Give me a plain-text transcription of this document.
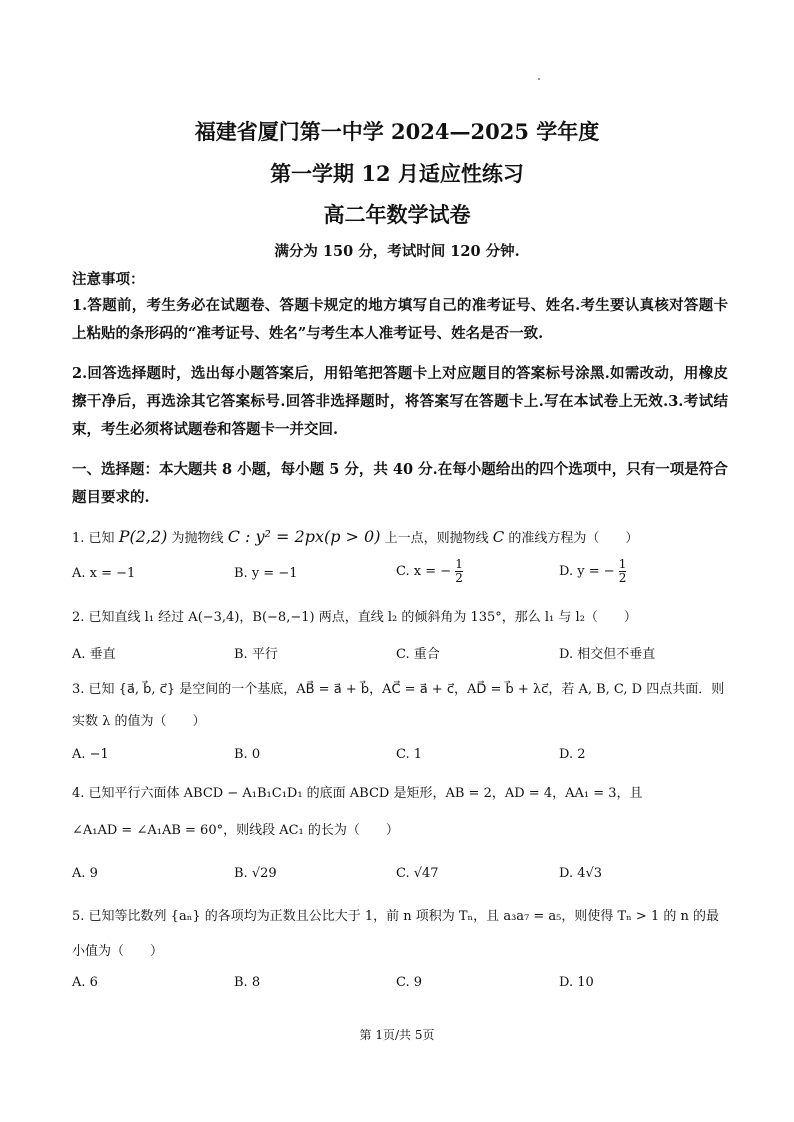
福建省厦门第一中学 2024—2025 学年度
第一学期 12 月适应性练习
高二年数学试卷
满分为 150 分，考试时间 120 分钟.
注意事项：
1.答题前，考生务必在试题卷、答题卡规定的地方填写自己的准考证号、姓名.考生要认真核对答题卡上粘贴的条形码的“准考证号、姓名”与考生本人准考证号、姓名是否一致.
2.回答选择题时，选出每小题答案后，用铅笔把答题卡上对应题目的答案标号涂黑.如需改动，用橡皮擦干净后，再选涂其它答案标号.回答非选择题时，将答案写在答题卡上.写在本试卷上无效.3.考试结束，考生必须将试题卷和答题卡一并交回.
一、选择题：本大题共 8 小题，每小题 5 分，共 40 分.在每小题给出的四个选项中，只有一项是符合题目要求的.
1. 已知 P(2,2) 为抛物线 C : y² = 2px(p > 0) 上一点，则抛物线 C 的准线方程为（　　）
A. x = −1	B. y = −1	C. x = − $\frac{1}{2}$	D. y = − $\frac{1}{2}$
2. 已知直线 l₁ 经过 A(−3,4)，B(−8,−1) 两点，直线 l₂ 的倾斜角为 135°，那么 l₁ 与 l₂（　　）
A. 垂直	B. 平行	C. 重合	D. 相交但不垂直
3. 已知 {a⃗, b⃗, c⃗} 是空间的一个基底，AB⃗ = a⃗ + b⃗，AC⃗ = a⃗ + c⃗，AD⃗ = b⃗ + λc⃗，若 A, B, C, D 四点共面．则
实数 λ 的值为（　　）
A. −1	B. 0	C. 1	D. 2
4. 已知平行六面体 ABCD − A₁B₁C₁D₁ 的底面 ABCD 是矩形，AB = 2，AD = 4，AA₁ = 3，且
∠A₁AD = ∠A₁AB = 60°，则线段 AC₁ 的长为（　　）
A. 9	B. √29	C. √47	D. 4√3
5. 已知等比数列 {aₙ} 的各项均为正数且公比大于 1，前 n 项积为 Tₙ，且 a₃a₇ = a₅，则使得 Tₙ > 1 的 n 的最
小值为（　　）
A. 6	B. 8	C. 9	D. 10
第 1页/共 5页
